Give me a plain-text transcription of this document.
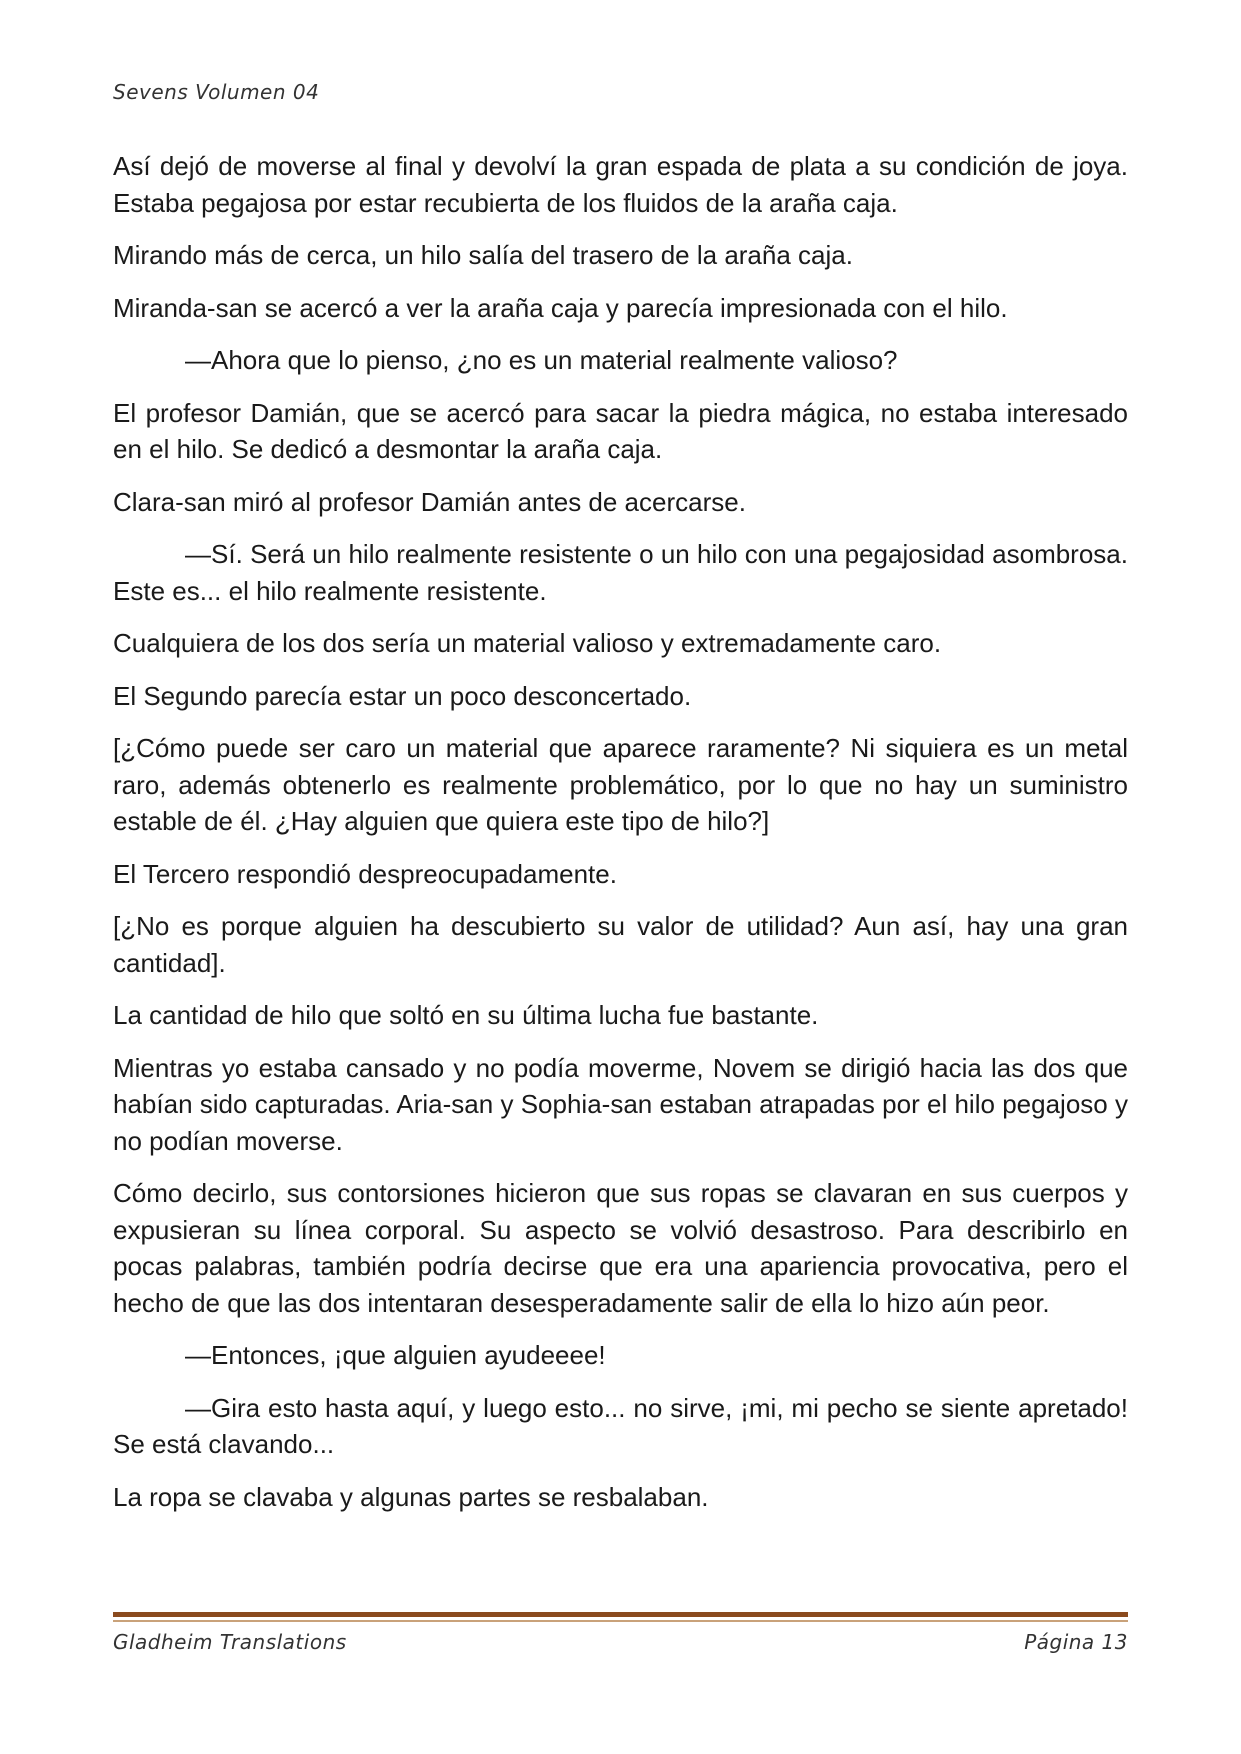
Sevens Volumen 04

Así dejó de moverse al final y devolví la gran espada de plata a su condición de joya. Estaba pegajosa por estar recubierta de los fluidos de la araña caja.

Mirando más de cerca, un hilo salía del trasero de la araña caja.

Miranda-san se acercó a ver la araña caja y parecía impresionada con el hilo.

—Ahora que lo pienso, ¿no es un material realmente valioso?

El profesor Damián, que se acercó para sacar la piedra mágica, no estaba interesado en el hilo. Se dedicó a desmontar la araña caja.

Clara-san miró al profesor Damián antes de acercarse.

—Sí. Será un hilo realmente resistente o un hilo con una pegajosidad asombrosa. Este es... el hilo realmente resistente.

Cualquiera de los dos sería un material valioso y extremadamente caro.

El Segundo parecía estar un poco desconcertado.

[¿Cómo puede ser caro un material que aparece raramente? Ni siquiera es un metal raro, además obtenerlo es realmente problemático, por lo que no hay un suministro estable de él. ¿Hay alguien que quiera este tipo de hilo?]

El Tercero respondió despreocupadamente.

[¿No es porque alguien ha descubierto su valor de utilidad? Aun así, hay una gran cantidad].

La cantidad de hilo que soltó en su última lucha fue bastante.

Mientras yo estaba cansado y no podía moverme, Novem se dirigió hacia las dos que habían sido capturadas. Aria-san y Sophia-san estaban atrapadas por el hilo pegajoso y no podían moverse.

Cómo decirlo, sus contorsiones hicieron que sus ropas se clavaran en sus cuerpos y expusieran su línea corporal. Su aspecto se volvió desastroso. Para describirlo en pocas palabras, también podría decirse que era una apariencia provocativa, pero el hecho de que las dos intentaran desesperadamente salir de ella lo hizo aún peor.

—Entonces, ¡que alguien ayudeeee!

—Gira esto hasta aquí, y luego esto... no sirve, ¡mi, mi pecho se siente apretado! Se está clavando...

La ropa se clavaba y algunas partes se resbalaban.

Gladheim Translations	Página 13
